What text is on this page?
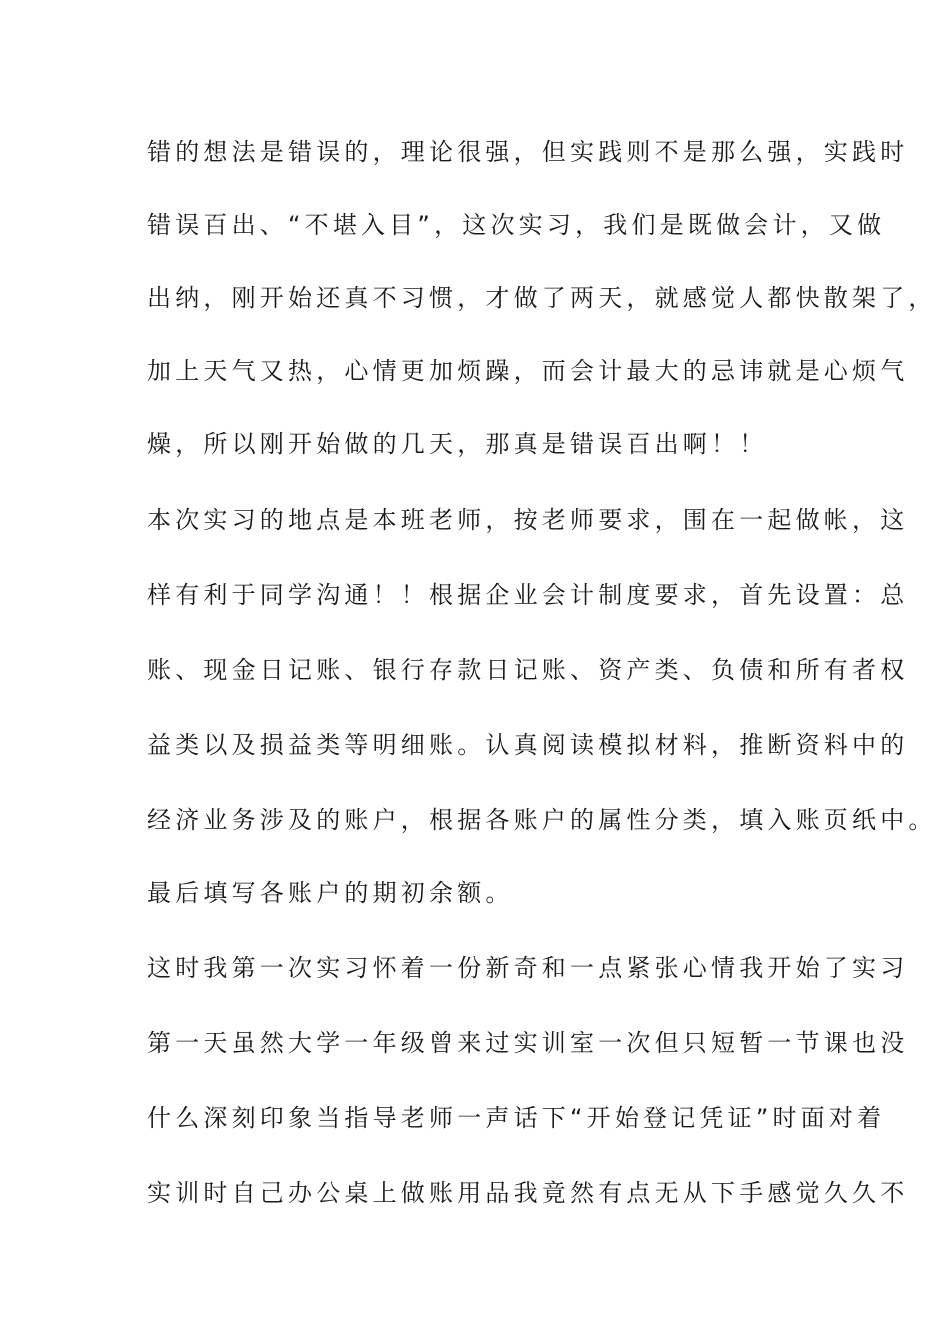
错的想法是错误的，理论很强，但实践则不是那么强，实践时
错误百出、“不堪入目”，这次实习，我们是既做会计，又做
出纳，刚开始还真不习惯，才做了两天，就感觉人都快散架了，
加上天气又热，心情更加烦躁，而会计最大的忌讳就是心烦气
燥，所以刚开始做的几天，那真是错误百出啊！！
本次实习的地点是本班老师，按老师要求，围在一起做帐，这
样有利于同学沟通！！根据企业会计制度要求，首先设置：总
账、现金日记账、银行存款日记账、资产类、负债和所有者权
益类以及损益类等明细账。认真阅读模拟材料，推断资料中的
经济业务涉及的账户，根据各账户的属性分类，填入账页纸中。
最后填写各账户的期初余额。
这时我第一次实习怀着一份新奇和一点紧张心情我开始了实习
第一天虽然大学一年级曾来过实训室一次但只短暂一节课也没
什么深刻印象当指导老师一声话下“开始登记凭证”时面对着
实训时自己办公桌上做账用品我竟然有点无从下手感觉久久不
